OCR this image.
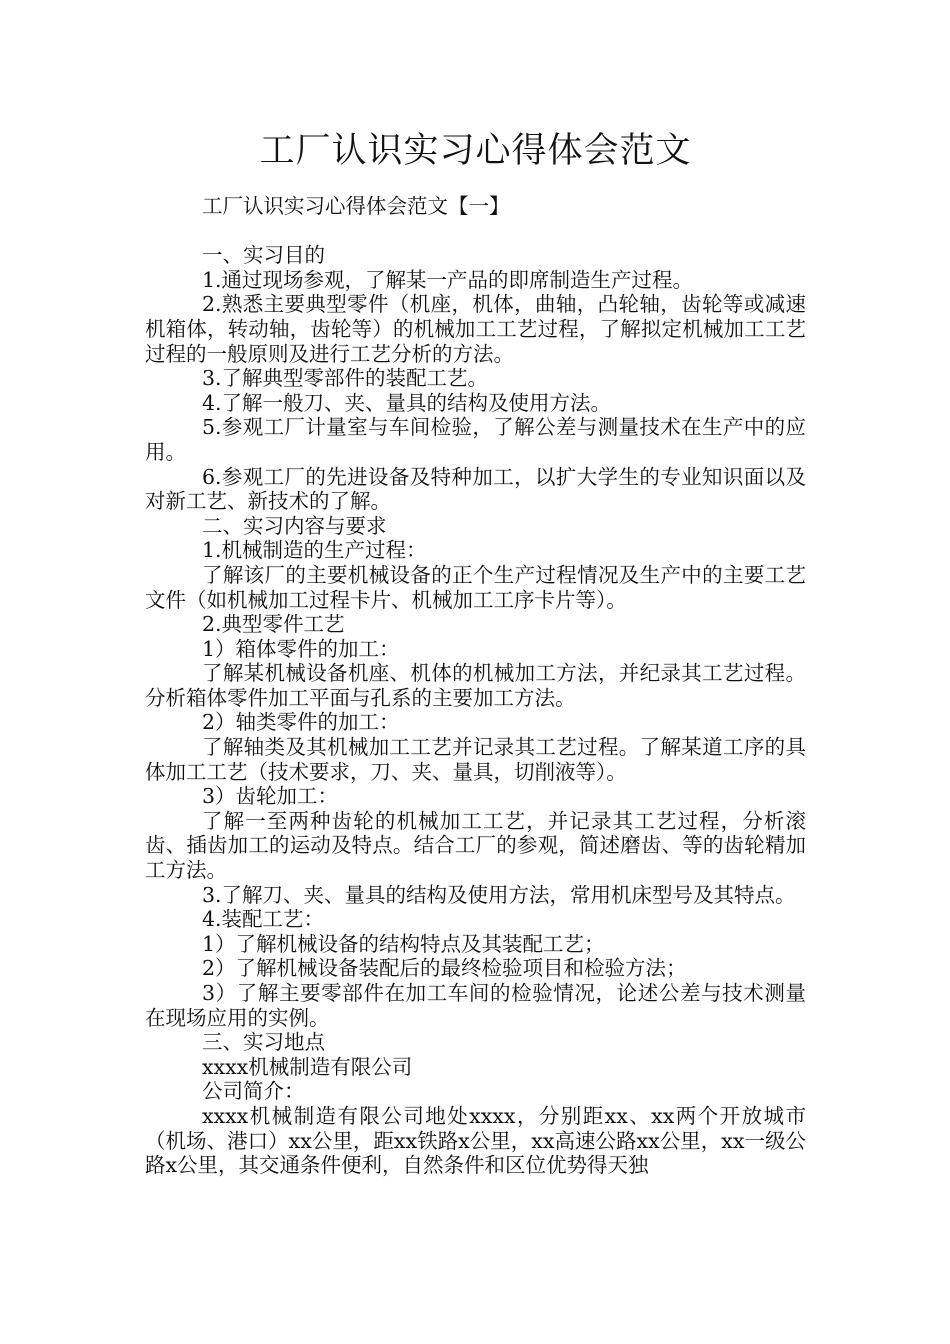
工厂认识实习心得体会范文
工厂认识实习心得体会范文【一】

一、实习目的

1.通过现场参观，了解某一产品的即席制造生产过程。

2.熟悉主要典型零件（机座，机体，曲轴，凸轮轴，齿轮等或减速机箱体，转动轴，齿轮等）的机械加工工艺过程，了解拟定机械加工工艺过程的一般原则及进行工艺分析的方法。

3.了解典型零部件的装配工艺。

4.了解一般刀、夹、量具的结构及使用方法。

5.参观工厂计量室与车间检验，了解公差与测量技术在生产中的应用。

6.参观工厂的先进设备及特种加工，以扩大学生的专业知识面以及对新工艺、新技术的了解。

二、实习内容与要求

1.机械制造的生产过程：

了解该厂的主要机械设备的正个生产过程情况及生产中的主要工艺文件（如机械加工过程卡片、机械加工工序卡片等）。

2.典型零件工艺

1）箱体零件的加工：

了解某机械设备机座、机体的机械加工方法，并纪录其工艺过程。分析箱体零件加工平面与孔系的主要加工方法。

2）轴类零件的加工：

了解轴类及其机械加工工艺并记录其工艺过程。了解某道工序的具体加工工艺（技术要求，刀、夹、量具，切削液等）。

3）齿轮加工：

了解一至两种齿轮的机械加工工艺，并记录其工艺过程，分析滚齿、插齿加工的运动及特点。结合工厂的参观，简述磨齿、等的齿轮精加工方法。

3.了解刀、夹、量具的结构及使用方法，常用机床型号及其特点。

4.装配工艺：

1）了解机械设备的结构特点及其装配工艺；

2）了解机械设备装配后的最终检验项目和检验方法；

3）了解主要零部件在加工车间的检验情况，论述公差与技术测量在现场应用的实例。

三、实习地点

xxxx机械制造有限公司

公司简介：

xxxx机械制造有限公司地处xxxx，分别距xx、xx两个开放城市（机场、港口）xx公里，距xx铁路x公里，xx高速公路xx公里，xx一级公路x公里，其交通条件便利，自然条件和区位优势得天独
